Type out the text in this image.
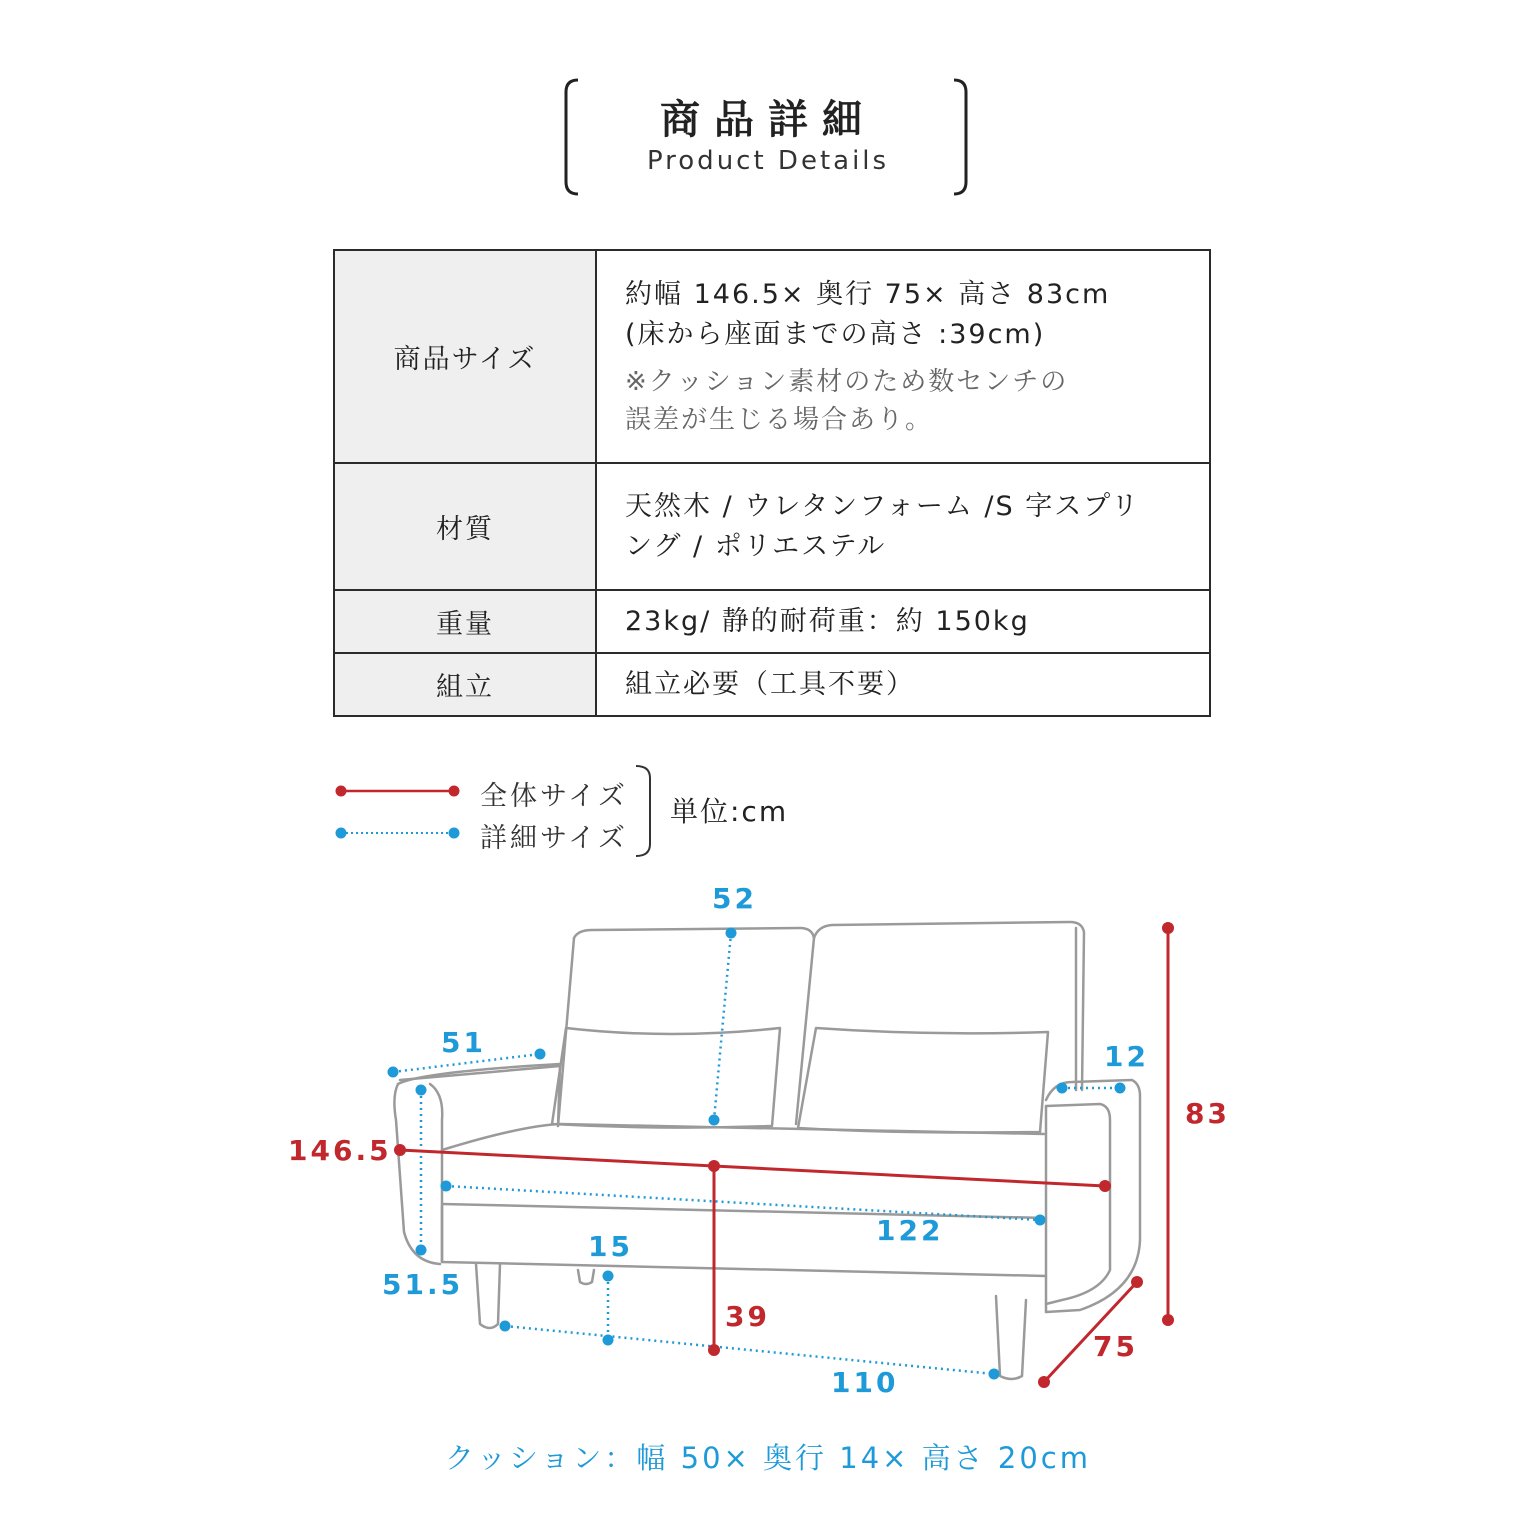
商品詳細
Product Details
商品サイズ	約幅 146.5× 奥行 75× 高さ 83cm
(床から座面までの高さ :39cm)
※クッション素材のため数センチの
誤差が生じる場合あり。

材質	天然木 / ウレタンフォーム /S 字スプリ
ング / ポリエステル

重量	23kg/ 静的耐荷重：約 150kg

組立	組立必要（工具不要）
全体サイズ
詳細サイズ
単位:cm
52
51	12
83
146.5
122
15
51.5
39
75
110
クッション：幅 50× 奥行 14× 高さ 20cm
